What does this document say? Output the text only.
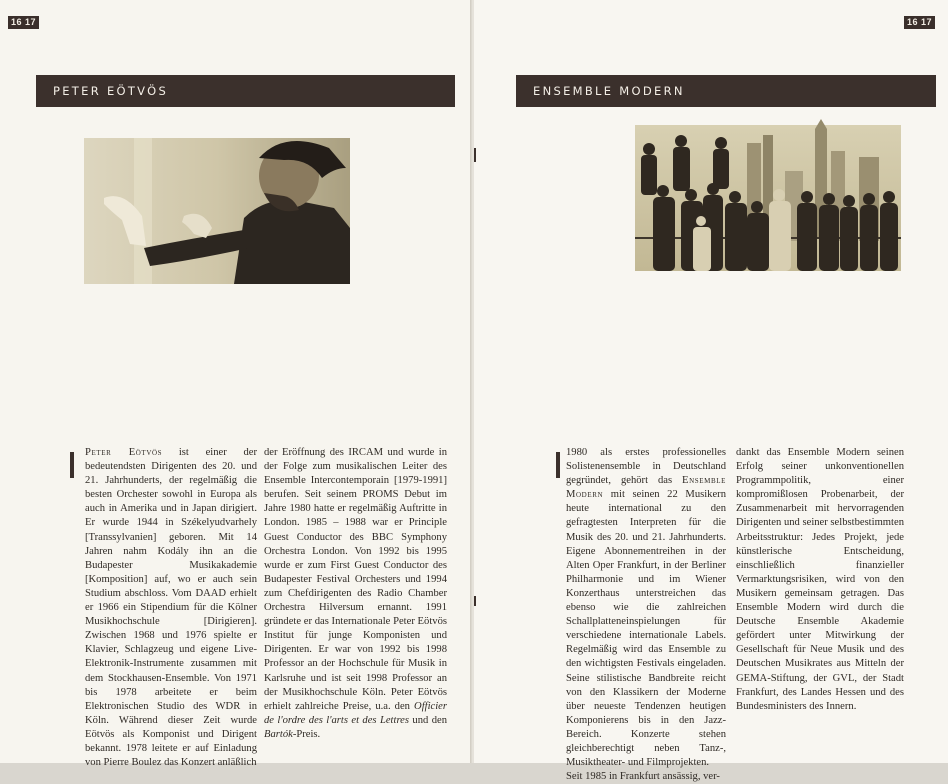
16 17
PETER EÖTVÖS

Peter Eötvös ist einer der bedeutendsten Dirigenten des 20. und 21. Jahrhunderts, der regelmäßig die besten Orchester sowohl in Europa als auch in Amerika und in Japan dirigiert. Er wurde 1944 in Székelyudvarhely [Transsylvanien] geboren. Mit 14 Jahren nahm Kodály ihn an die Budapester Musikakademie [Komposition] auf, wo er auch sein Studium abschloss. Vom DAAD erhielt er 1966 ein Stipendium für die Kölner Musikhochschule [Dirigieren]. Zwischen 1968 und 1976 spielte er Klavier, Schlagzeug und eigene Live-Elektronik-Instrumente zusammen mit dem Stockhausen-Ensemble. Von 1971 bis 1978 arbeitete er beim Elektronischen Studio des WDR in Köln. Während dieser Zeit wurde Eötvös als Komponist und Dirigent bekannt. 1978 leitete er auf Einladung von Pierre Boulez das Konzert anläßlich

der Eröffnung des IRCAM und wurde in der Folge zum musikalischen Leiter des Ensemble Intercontemporain [1979-1991] berufen. Seit seinem PROMS Debut im Jahre 1980 hatte er regelmäßig Auftritte in London. 1985 – 1988 war er Principle Guest Conductor des BBC Symphony Orchestra London. Von 1992 bis 1995 wurde er zum First Guest Conductor des Budapester Festival Orchesters und 1994 zum Chefdirigenten des Radio Chamber Orchestra Hilversum ernannt. 1991 gründete er das Internationale Peter Eötvös Institut für junge Komponisten und Dirigenten. Er war von 1992 bis 1998 Professor an der Hochschule für Musik in Karlsruhe und ist seit 1998 Professor an der Musikhochschule Köln. Peter Eötvös erhielt zahlreiche Preise, u.a. den Officier de l'ordre des l'arts et des Lettres und den Bartók-Preis.

16 17
ENSEMBLE MODERN

1980 als erstes professionelles Solistenensemble in Deutschland gegründet, gehört das Ensemble Modern mit seinen 22 Musikern heute international zu den gefragtesten Interpreten für die Musik des 20. und 21. Jahrhunderts. Eigene Abonnementreihen in der Alten Oper Frankfurt, in der Berliner Philharmonie und im Wiener Konzerthaus unterstreichen das ebenso wie die zahlreichen Schallplatteneinspielungen für verschiedene internationale Labels. Regelmäßig wird das Ensemble zu den wichtigsten Festivals eingeladen. Seine stilistische Bandbreite reicht von den Klassikern der Moderne über neueste Tendenzen heutigen Komponierens bis in den Jazz-Bereich. Konzerte stehen gleichberechtigt neben Tanz-, Musiktheater- und Filmprojekten.

Seit 1985 in Frankfurt ansässig, ver-

dankt das Ensemble Modern seinen Erfolg seiner unkonventionellen Programmpolitik, einer kompromißlosen Probenarbeit, der Zusammenarbeit mit hervorragenden Dirigenten und seiner selbstbestimmten Arbeitsstruktur: Jedes Projekt, jede künstlerische Entscheidung, einschließlich finanzieller Vermarktungsrisiken, wird von den Musikern gemeinsam getragen. Das Ensemble Modern wird durch die Deutsche Ensemble Akademie gefördert unter Mitwirkung der Gesellschaft für Neue Musik und des Deutschen Musikrates aus Mitteln der GEMA-Stiftung, der GVL, der Stadt Frankfurt, des Landes Hessen und des Bundesministers des Innern.
